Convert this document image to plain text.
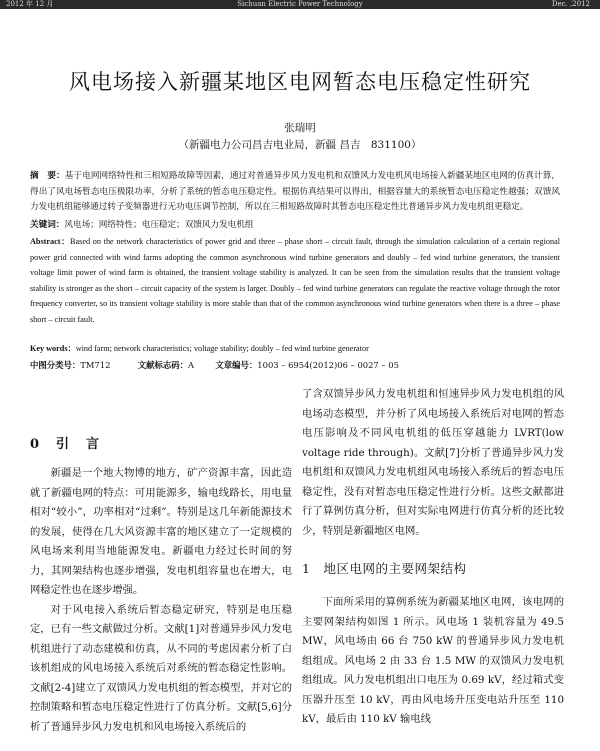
2012 年 12 月	Sichuan Electric Power Technology	Dec. ,2012
风电场接入新疆某地区电网暂态电压稳定性研究
张瑞明
（新疆电力公司昌吉电业局，新疆 昌吉　831100）
摘　要：基于电网网络特性和三相短路故障等因素，通过对普通异步风力发电机和双馈风力发电机风电场接入新疆某地区电网的仿真计算，得出了风电场暂态电压极限功率，分析了系统的暂态电压稳定性。根据仿真结果可以得出，相据容量大的系统暂态电压稳定性越强；双馈风力发电机组能够通过转子变频器进行无功电压调节控制，所以在三相短路故障时其暂态电压稳定性比普通异步风力发电机组更稳定。
关键词：风电场；网络特性；电压稳定；双馈风力发电机组
Abstract：Based on the network characteristics of power grid and three – phase short – circuit fault, through the simulation calculation of a certain regional power grid connected with wind farms adopting the common asynchronous wind turbine generators and doubly – fed wind turbine generators, the transient voltage limit power of wind farm is obtained, the transient voltage stability is analyzed. It can be seen from the simulation results that the transient voltage stability is stronger as the short – circuit capacity of the system is larger. Doubly – fed wind turbine generators can regulate the reactive voltage through the rotor frequency converter, so its transient voltage stability is more stable than that of the common asynchronous wind turbine generators when there is a three – phase short – circuit fault.
Key words：wind farm; network characteristics; voltage stability; doubly – fed wind turbine generator
中图分类号：TM712	文献标志码：A	文章编号：1003 – 6954(2012)06 – 0027 – 05
0　引　言

新疆是一个地大物博的地方，矿产资源丰富，因此造就了新疆电网的特点：可用能源多，输电线路长，用电量相对“较小”，功率相对“过剩”。特别是这几年新能源技术的发展，使得在几大风资源丰富的地区建立了一定规模的风电场来利用当地能源发电。新疆电力经过长时间的努力，其网架结构也逐步增强，发电机组容量也在增大，电网稳定性也在逐步增强。

对于风电接入系统后暂态稳定研究，特别是电压稳定，已有一些文献做过分析。文献[1]对普通异步风力发电机组进行了动态建模和仿真，从不同的考虑因素分析了白该机组成的风电场接入系统后对系统的暂态稳定性影响。文献[2-4]建立了双馈风力发电机组的暂态模型，并对它的控制策略和暂态电压稳定性进行了仿真分析。文献[5,6]分析了普通异步风力发电机和风电场接入系统后的

了含双馈异步风力发电机组和恒速异步风力发电机组的风电场动态模型，并分析了风电场接入系统后对电网的暂态电压影响及不同风电机组的低压穿越能力 LVRT(low voltage ride through)。文献[7]分析了普通异步风力发电机组和双馈风力发电机组风电场接入系统后的暂态电压稳定性，没有对暂态电压稳定性进行分析。这些文献都进行了算例仿真分析，但对实际电网进行仿真分析的还比较少，特别是新疆地区电网。

1　地区电网的主要网架结构

下面所采用的算例系统为新疆某地区电网，该电网的主要网架结构如图 1 所示。风电场 1 装机容量为 49.5 MW，风电场由 66 台 750 kW 的普通异步风力发电机组组成。风电场 2 由 33 台 1.5 MW 的双馈风力发电机组组成。风力发电机组出口电压为 0.69 kV，经过箱式变压器升压至 10 kV，再由风电场升压变电站升压至 110 kV，最后由 110 kV 输电线
